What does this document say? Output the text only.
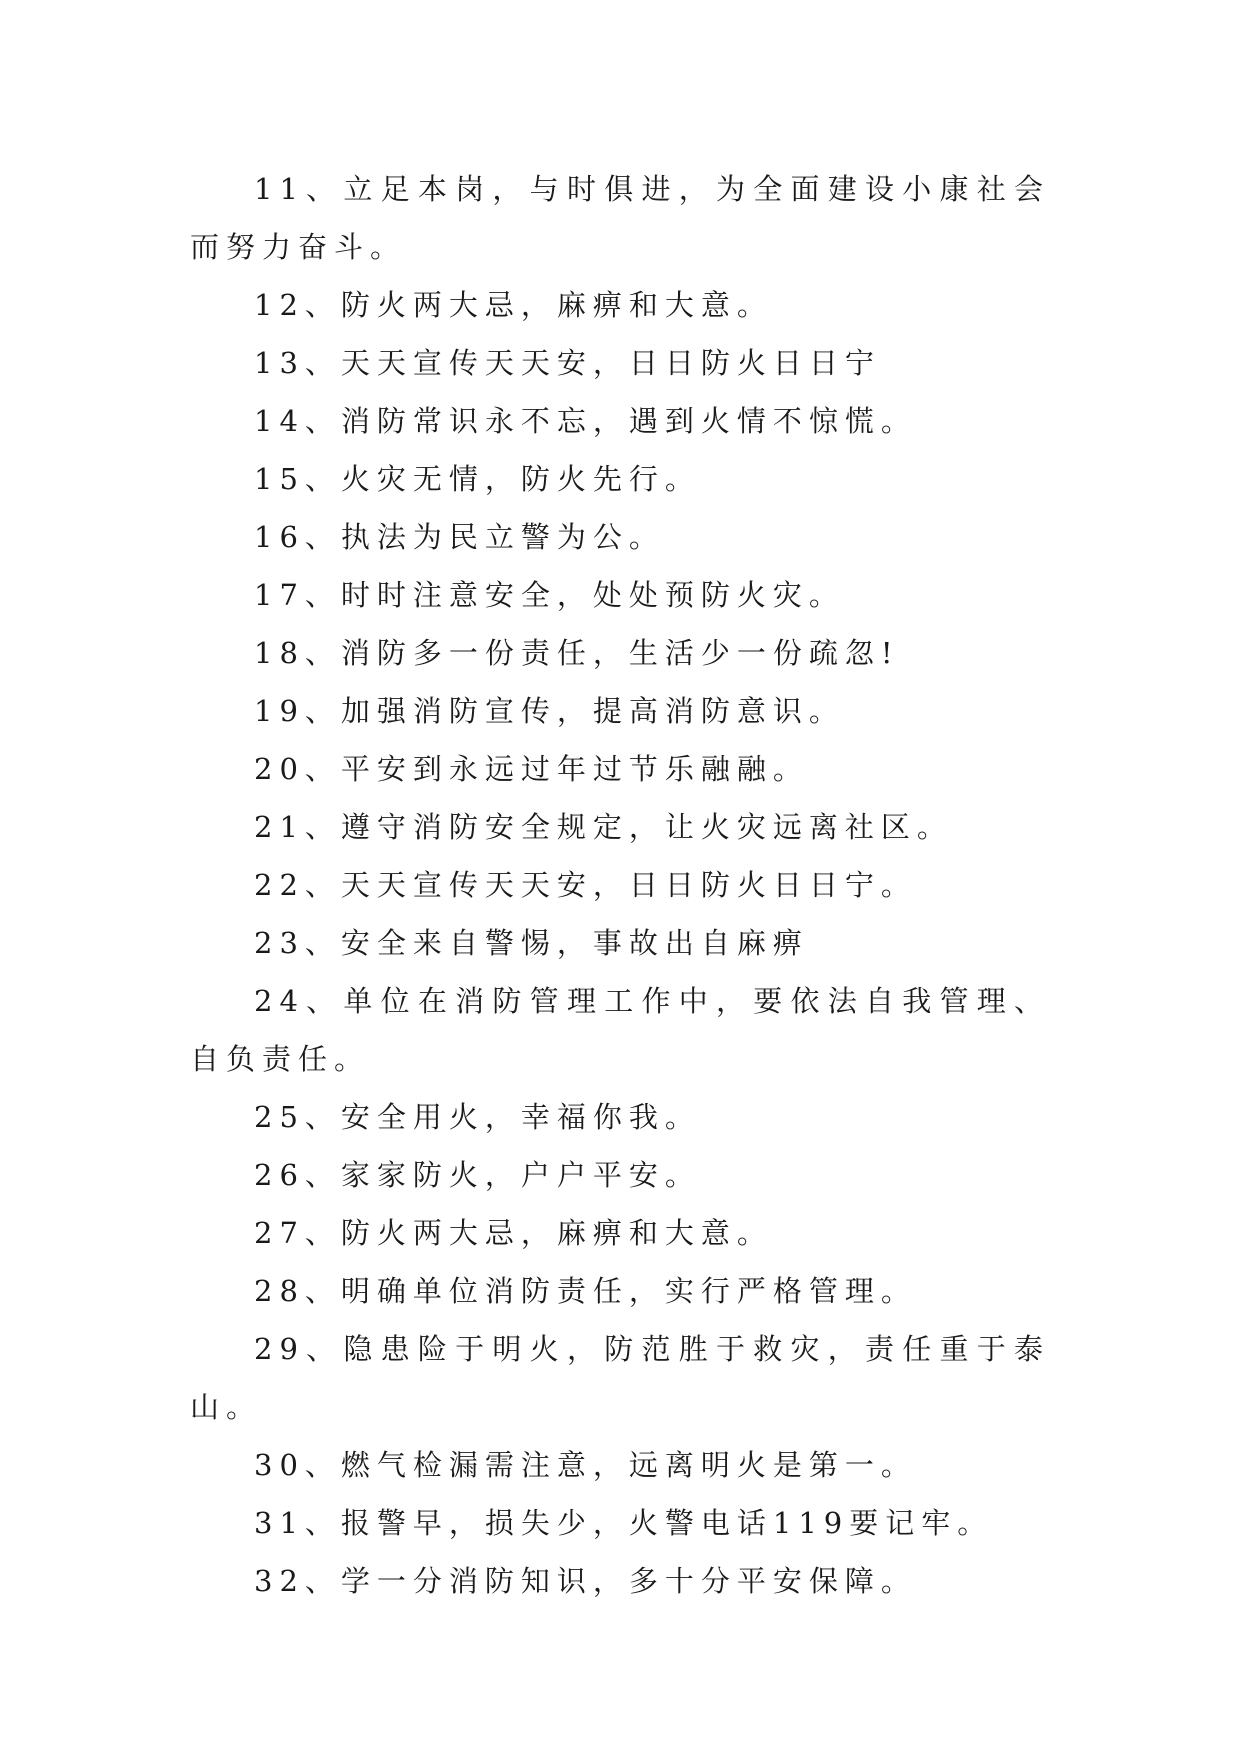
11、立足本岗，与时俱进，为全面建设小康社会而努力奋斗。

12、防火两大忌，麻痹和大意。

13、天天宣传天天安，日日防火日日宁

14、消防常识永不忘，遇到火情不惊慌。

15、火灾无情，防火先行。

16、执法为民立警为公。

17、时时注意安全，处处预防火灾。

18、消防多一份责任，生活少一份疏忽!

19、加强消防宣传，提高消防意识。

20、平安到永远过年过节乐融融。

21、遵守消防安全规定，让火灾远离社区。

22、天天宣传天天安，日日防火日日宁。

23、安全来自警惕，事故出自麻痹

24、单位在消防管理工作中，要依法自我管理、自负责任。

25、安全用火，幸福你我。

26、家家防火，户户平安。

27、防火两大忌，麻痹和大意。

28、明确单位消防责任，实行严格管理。

29、隐患险于明火，防范胜于救灾，责任重于泰山。

30、燃气检漏需注意，远离明火是第一。

31、报警早，损失少，火警电话119要记牢。

32、学一分消防知识，多十分平安保障。
